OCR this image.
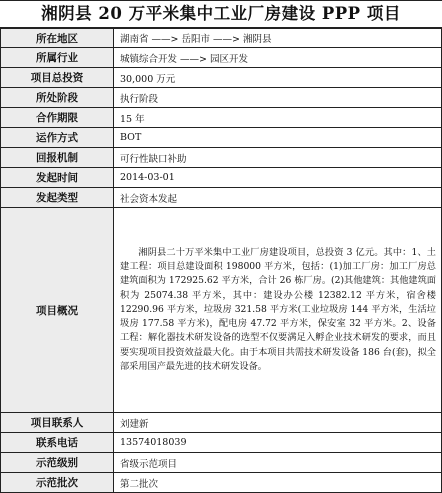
湘阴县 20 万平米集中工业厂房建设 PPP 项目
所在地区	湖南省 ——> 岳阳市 ——> 湘阴县
所属行业	城镇综合开发 ——> 园区开发
项目总投资	30,000 万元
所处阶段	执行阶段
合作期限	15 年
运作方式	BOT
回报机制	可行性缺口补助
发起时间	2014-03-01
发起类型	社会资本发起
项目概况	湘阴县二十万平米集中工业厂房建设项目，总投资 3 亿元。其中：1、土建工程：项目总建设面积 198000 平方米，包括：(1)加工厂房：加工厂房总建筑面积为 172925.62 平方米，合计 26 栋厂房。(2)其他建筑：其他建筑面积为 25074.38 平方米，其中：建设办公楼 12382.12 平方米，宿舍楼 12290.96 平方米，垃圾房 321.58 平方米(工业垃圾房 144 平方米，生活垃圾房 177.58 平方米)，配电房 47.72 平方米，保安室 32 平方米。2、设备工程：解化器技术研发设备的选型不仅要满足入孵企业技术研发的要求，而且要实现项目投资效益最大化。由于本项目共需技术研发设备 186 台(套)，拟全部采用国产最先进的技术研发设备。

项目联系人	刘建新
联系电话	13574018039
示范级别	省级示范项目
示范批次	第二批次
